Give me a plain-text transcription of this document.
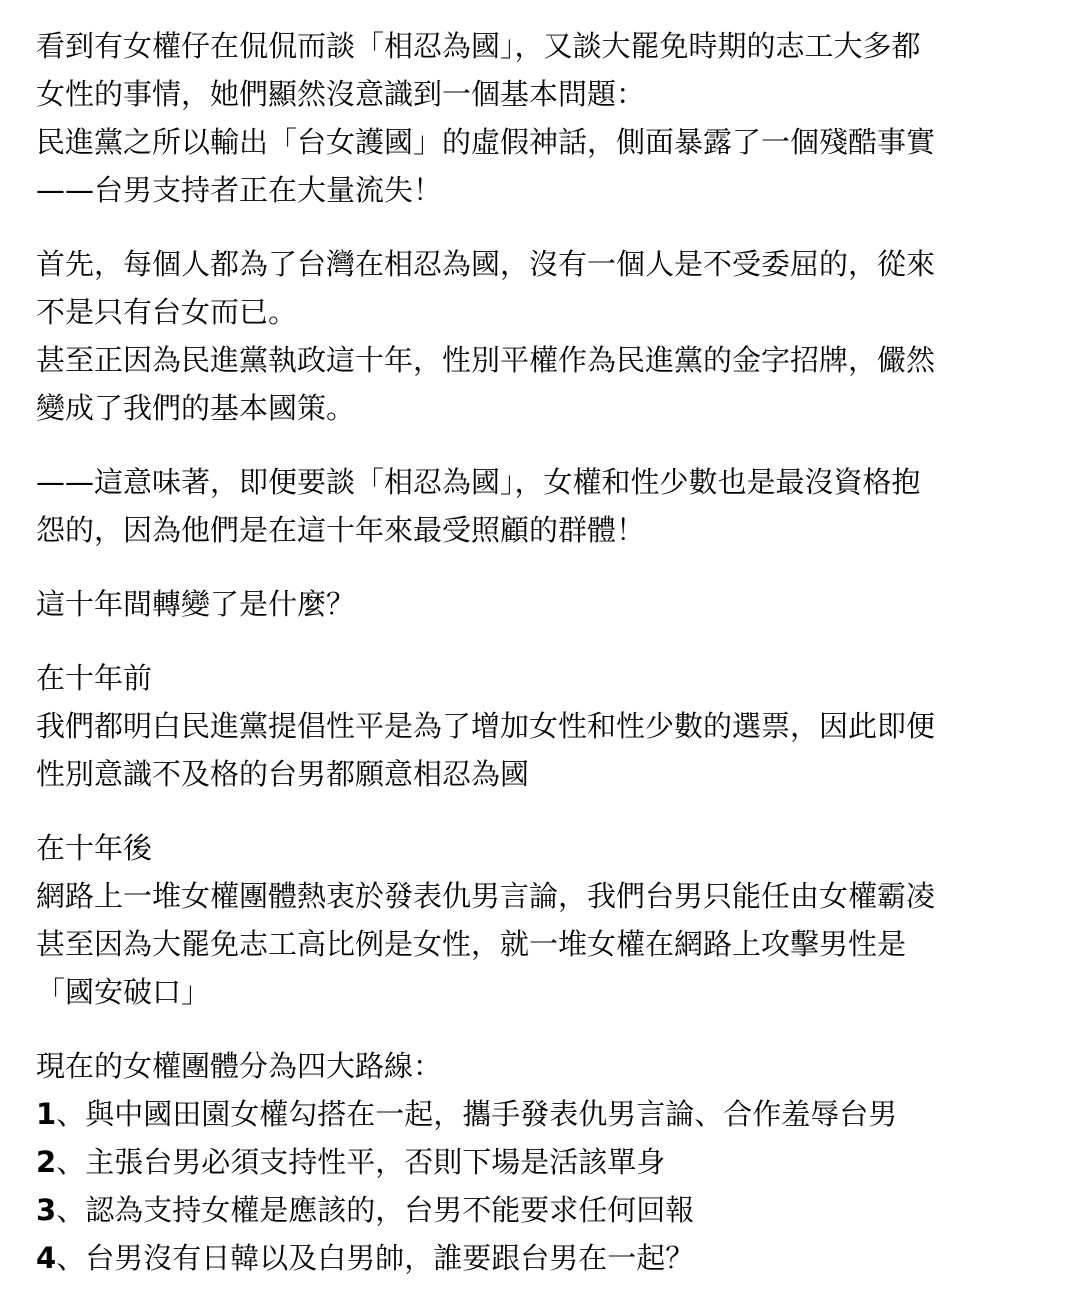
看到有女權仔在侃侃而談「相忍為國」，又談大罷免時期的志工大多都
女性的事情，她們顯然沒意識到一個基本問題：
民進黨之所以輸出「台女護國」的虛假神話，側面暴露了一個殘酷事實
——台男支持者正在大量流失！
首先，每個人都為了台灣在相忍為國，沒有一個人是不受委屈的，從來
不是只有台女而已。
甚至正因為民進黨執政這十年，性別平權作為民進黨的金字招牌，儼然
變成了我們的基本國策。
——這意味著，即便要談「相忍為國」，女權和性少數也是最沒資格抱
怨的，因為他們是在這十年來最受照顧的群體！
這十年間轉變了是什麼？
在十年前
我們都明白民進黨提倡性平是為了增加女性和性少數的選票，因此即便
性別意識不及格的台男都願意相忍為國
在十年後
網路上一堆女權團體熱衷於發表仇男言論，我們台男只能任由女權霸凌
甚至因為大罷免志工高比例是女性，就一堆女權在網路上攻擊男性是
「國安破口」
現在的女權團體分為四大路線：
1、與中國田園女權勾搭在一起，攜手發表仇男言論、合作羞辱台男
2、主張台男必須支持性平，否則下場是活該單身
3、認為支持女權是應該的，台男不能要求任何回報
4、台男沒有日韓以及白男帥，誰要跟台男在一起？
